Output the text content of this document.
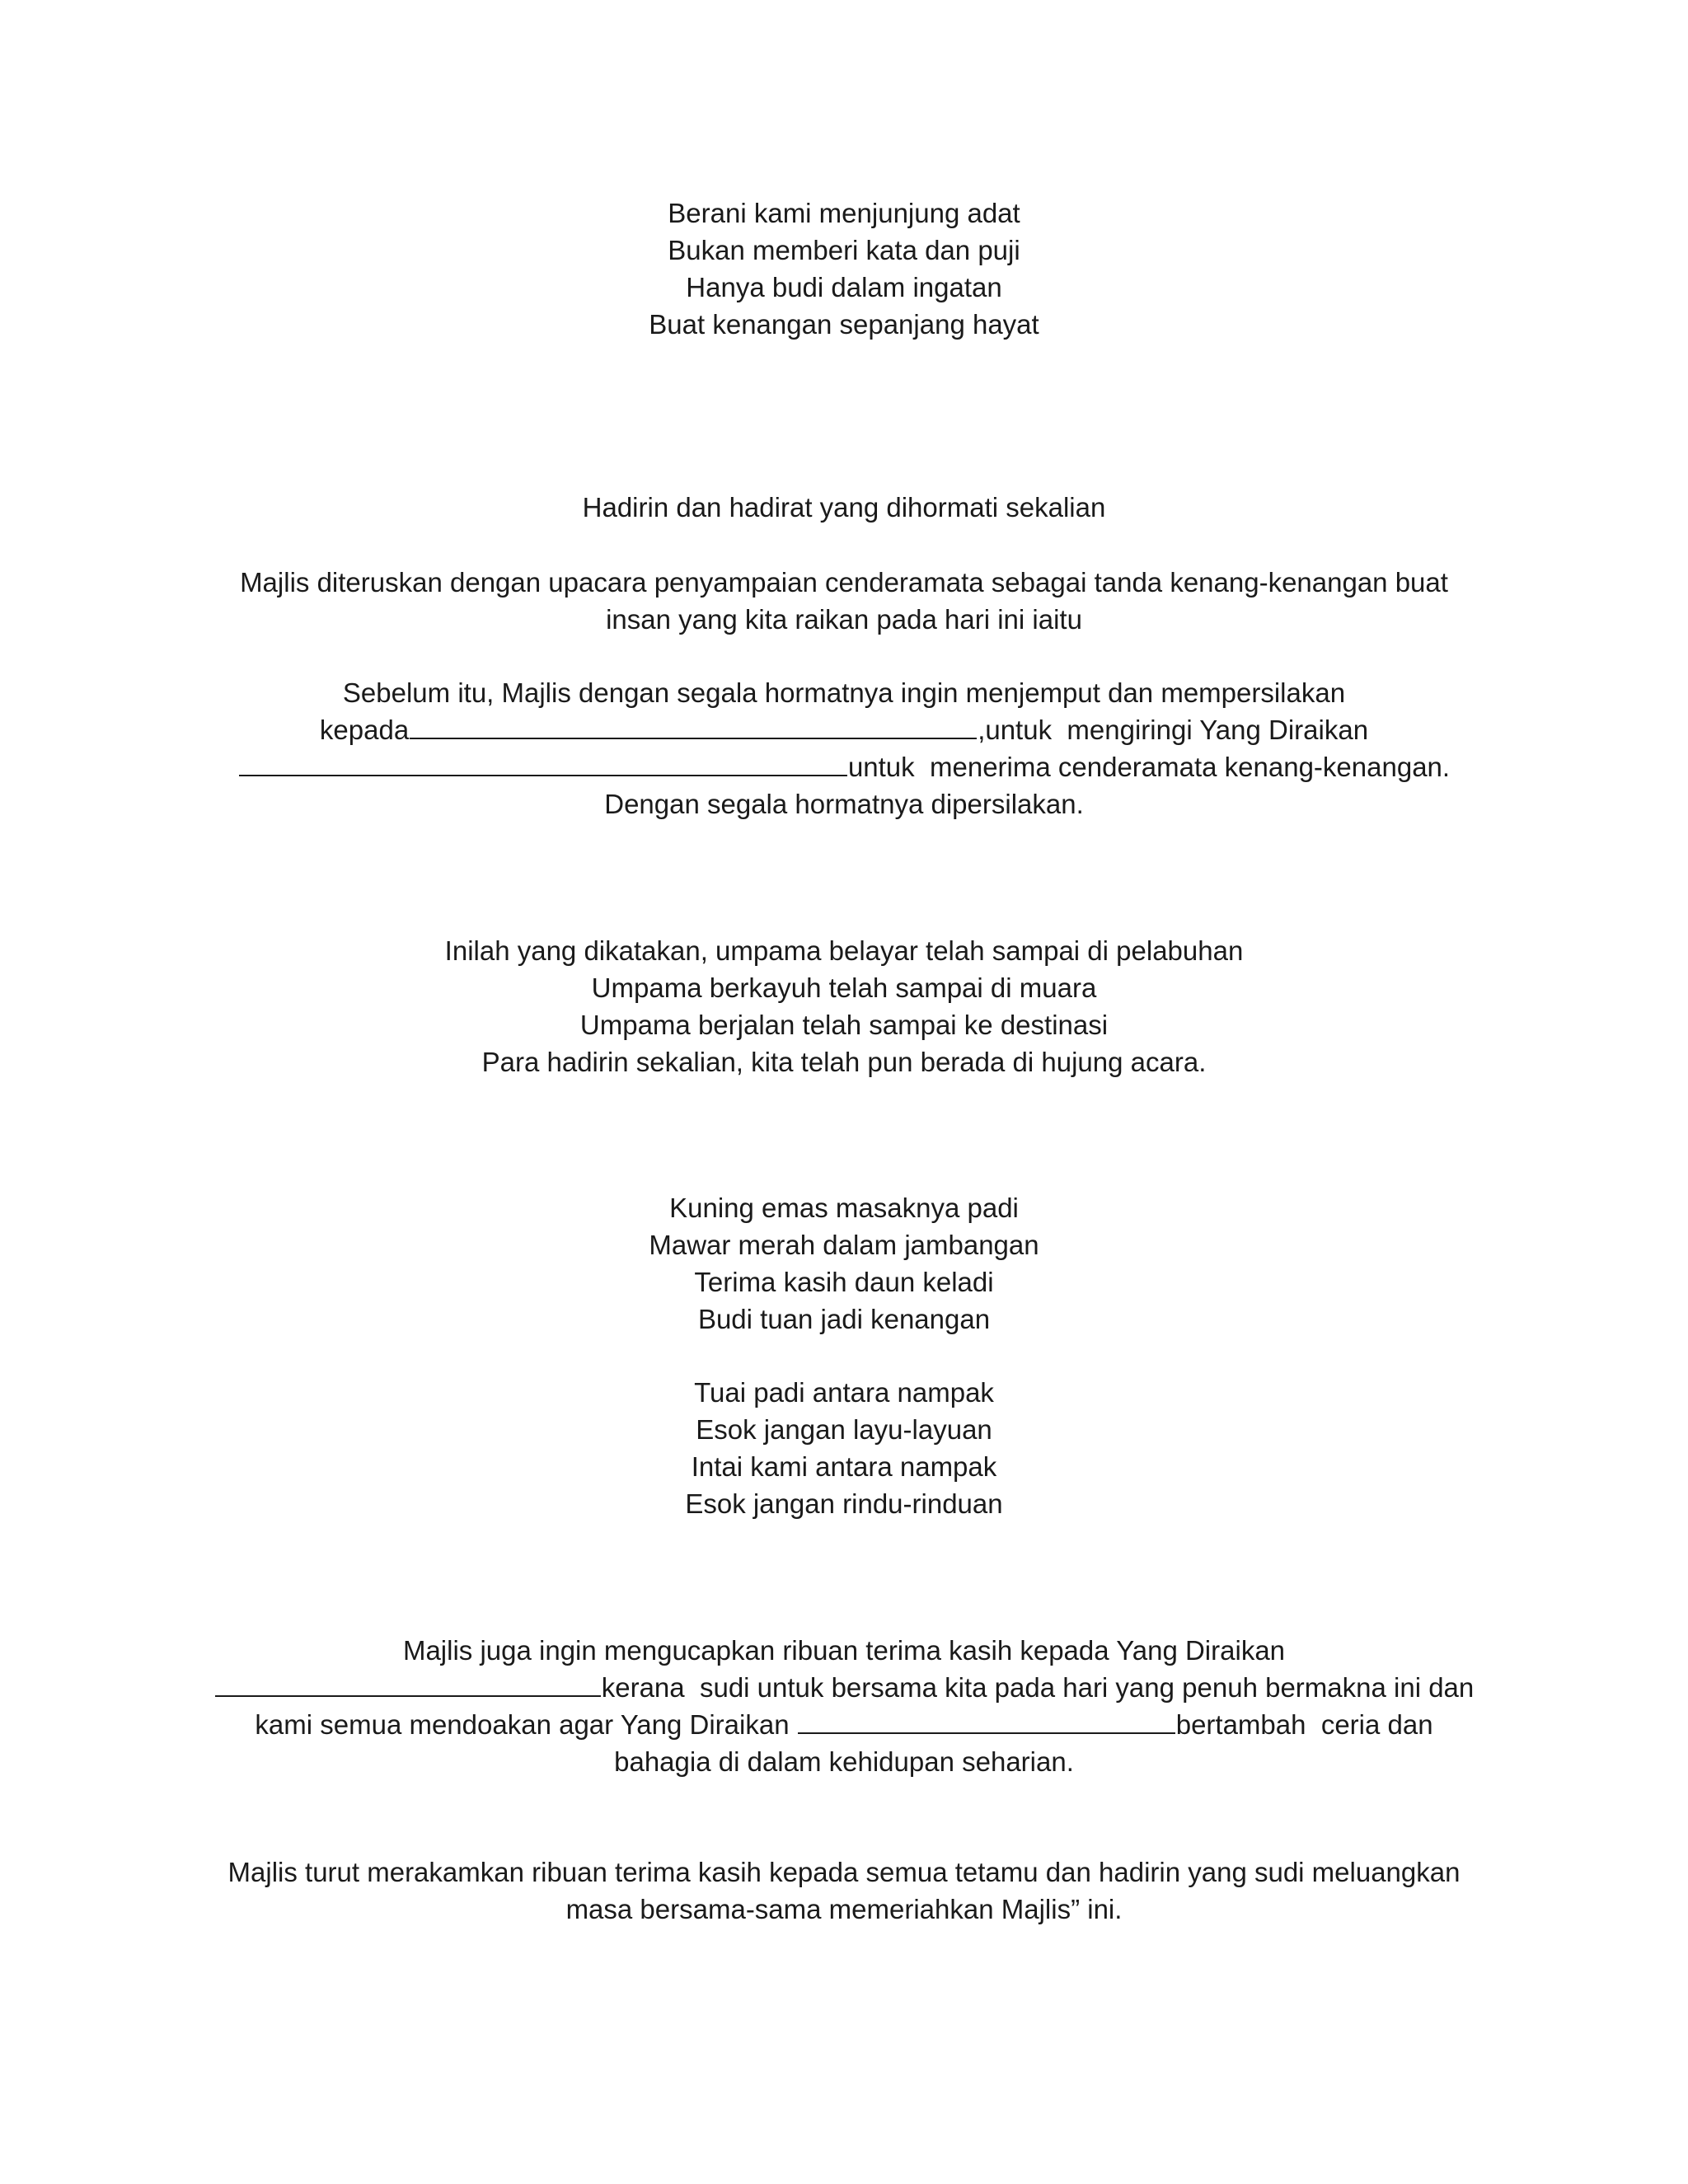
Berani kami menjunjung adat
Bukan memberi kata dan puji
Hanya budi dalam ingatan
Buat kenangan sepanjang hayat
Hadirin dan hadirat yang dihormati sekalian
Majlis diteruskan dengan upacara penyampaian cenderamata sebagai tanda kenang-kenangan buat
insan yang kita raikan pada hari ini iaitu
Sebelum itu, Majlis dengan segala hormatnya ingin menjemput dan mempersilakan
kepada	,untuk  mengiringi Yang Diraikan
untuk  menerima cenderamata kenang-kenangan.
Dengan segala hormatnya dipersilakan.
Inilah yang dikatakan, umpama belayar telah sampai di pelabuhan
Umpama berkayuh telah sampai di muara
Umpama berjalan telah sampai ke destinasi
Para hadirin sekalian, kita telah pun berada di hujung acara.
Kuning emas masaknya padi
Mawar merah dalam jambangan
Terima kasih daun keladi
Budi tuan jadi kenangan
Tuai padi antara nampak
Esok jangan layu-layuan
Intai kami antara nampak
Esok jangan rindu-rinduan
Majlis juga ingin mengucapkan ribuan terima kasih kepada Yang Diraikan
kerana  sudi untuk bersama kita pada hari yang penuh bermakna ini dan
kami semua mendoakan agar Yang Diraikan	bertambah  ceria dan
bahagia di dalam kehidupan seharian.
Majlis turut merakamkan ribuan terima kasih kepada semua tetamu dan hadirin yang sudi meluangkan
masa bersama-sama memeriahkan Majlis” ini.
